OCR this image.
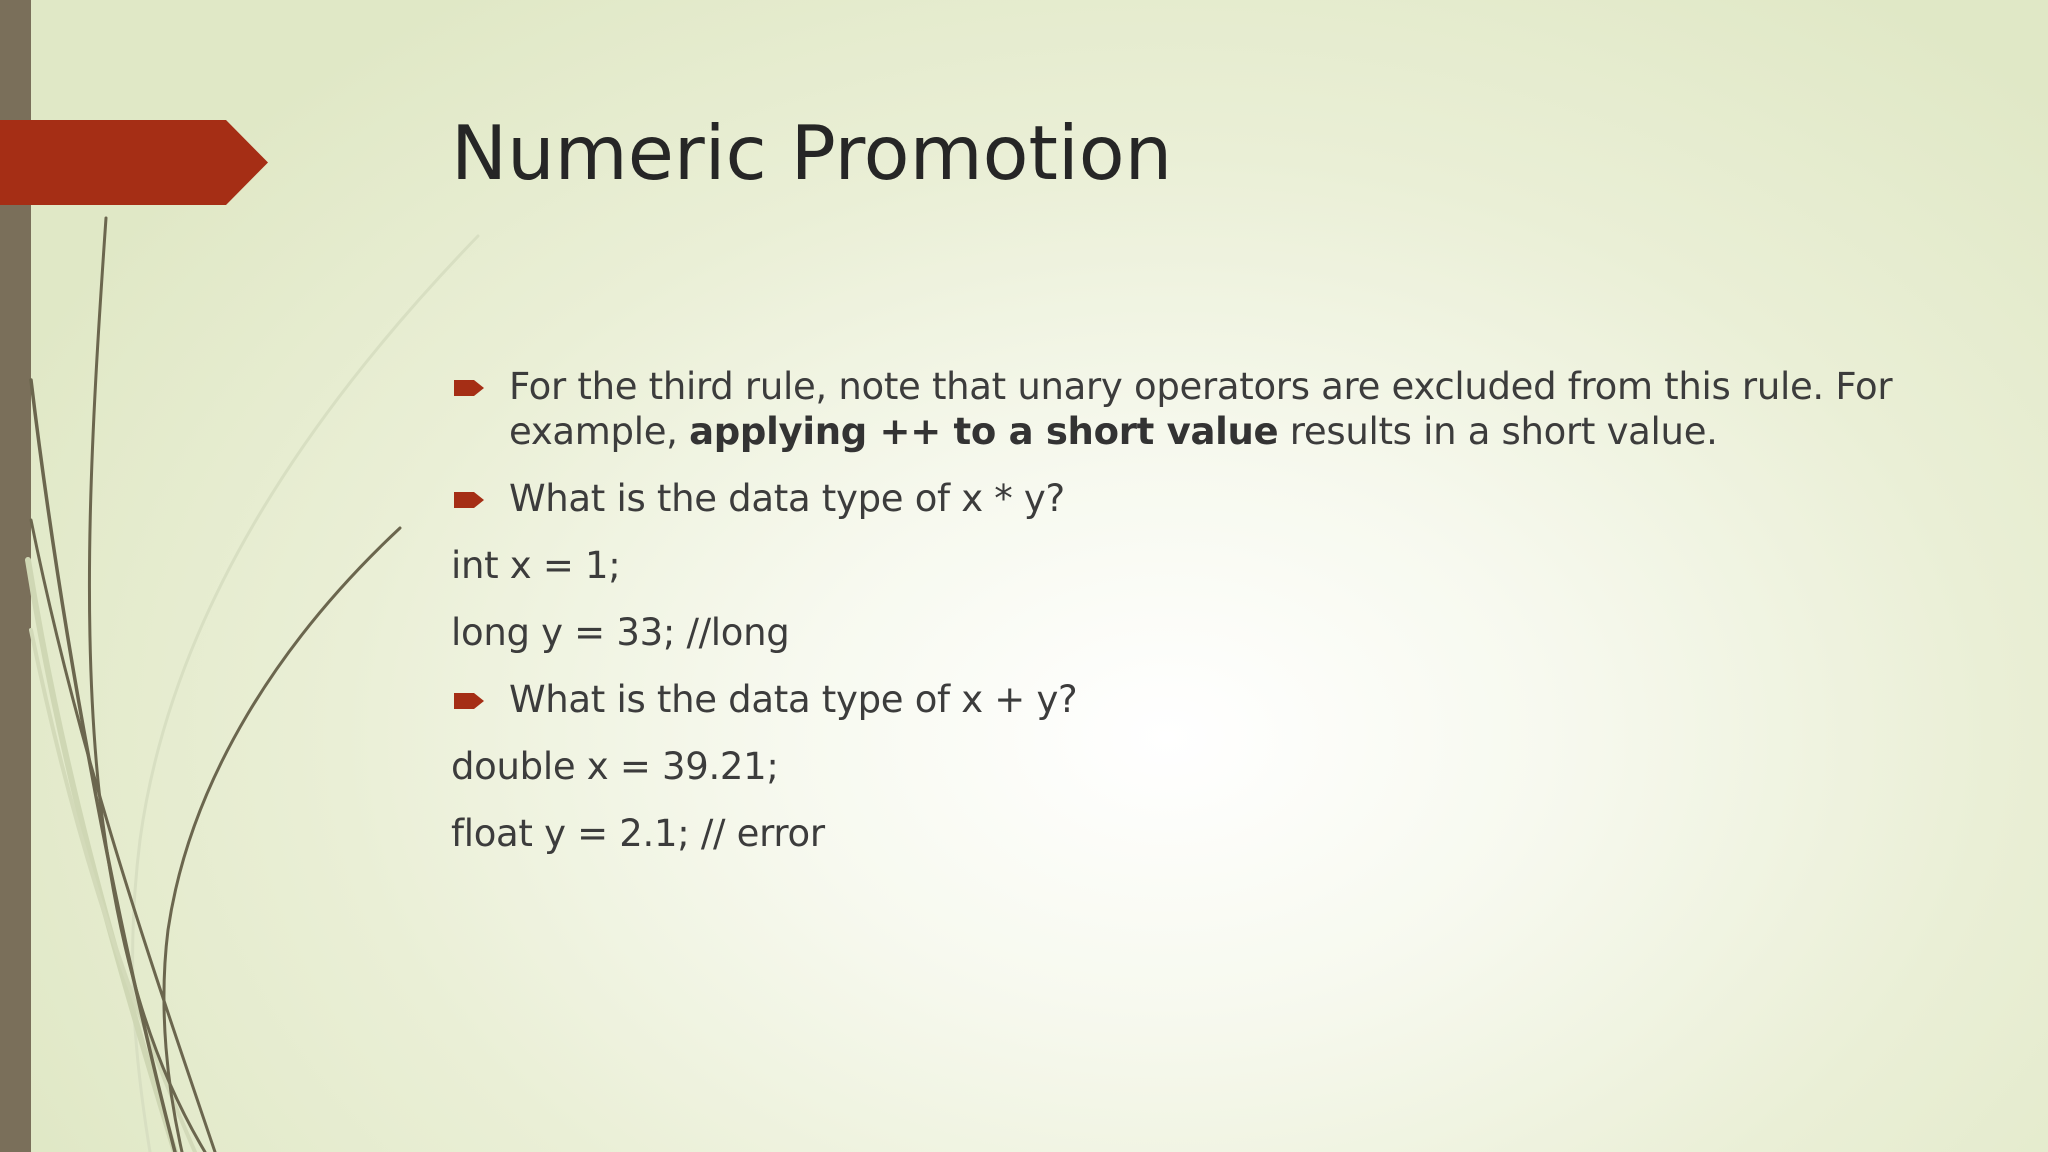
Numeric Promotion
For the third rule, note that unary operators are excluded from this rule. For example, applying ++ to a short value results in a short value.
What is the data type of x * y?
int x = 1;
long y = 33; //long
What is the data type of x + y?
double x = 39.21;
float y = 2.1; // error
